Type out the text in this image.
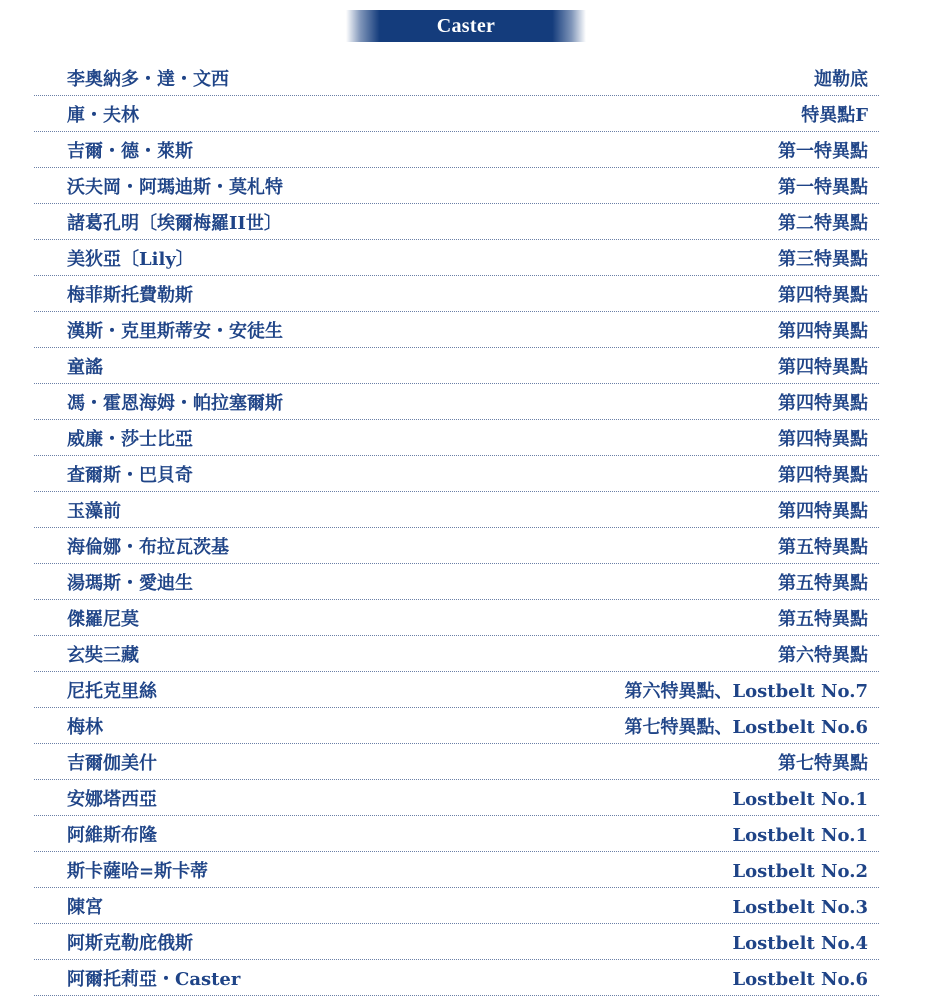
Caster
李奧納多・達・文西	迦勒底
庫・夫林	特異點F
吉爾・德・萊斯	第一特異點
沃夫岡・阿瑪迪斯・莫札特	第一特異點
諸葛孔明〔埃爾梅羅II世〕	第二特異點
美狄亞〔Lily〕	第三特異點
梅菲斯托費勒斯	第四特異點
漢斯・克里斯蒂安・安徒生	第四特異點
童謠	第四特異點
馮・霍恩海姆・帕拉塞爾斯	第四特異點
威廉・莎士比亞	第四特異點
查爾斯・巴貝奇	第四特異點
玉藻前	第四特異點
海倫娜・布拉瓦茨基	第五特異點
湯瑪斯・愛迪生	第五特異點
傑羅尼莫	第五特異點
玄奘三藏	第六特異點
尼托克里絲	第六特異點、Lostbelt No.7
梅林	第七特異點、Lostbelt No.6
吉爾伽美什	第七特異點
安娜塔西亞	Lostbelt No.1
阿維斯布隆	Lostbelt No.1
斯卡薩哈=斯卡蒂	Lostbelt No.2
陳宮	Lostbelt No.3
阿斯克勒庇俄斯	Lostbelt No.4
阿爾托莉亞・Caster	Lostbelt No.6
